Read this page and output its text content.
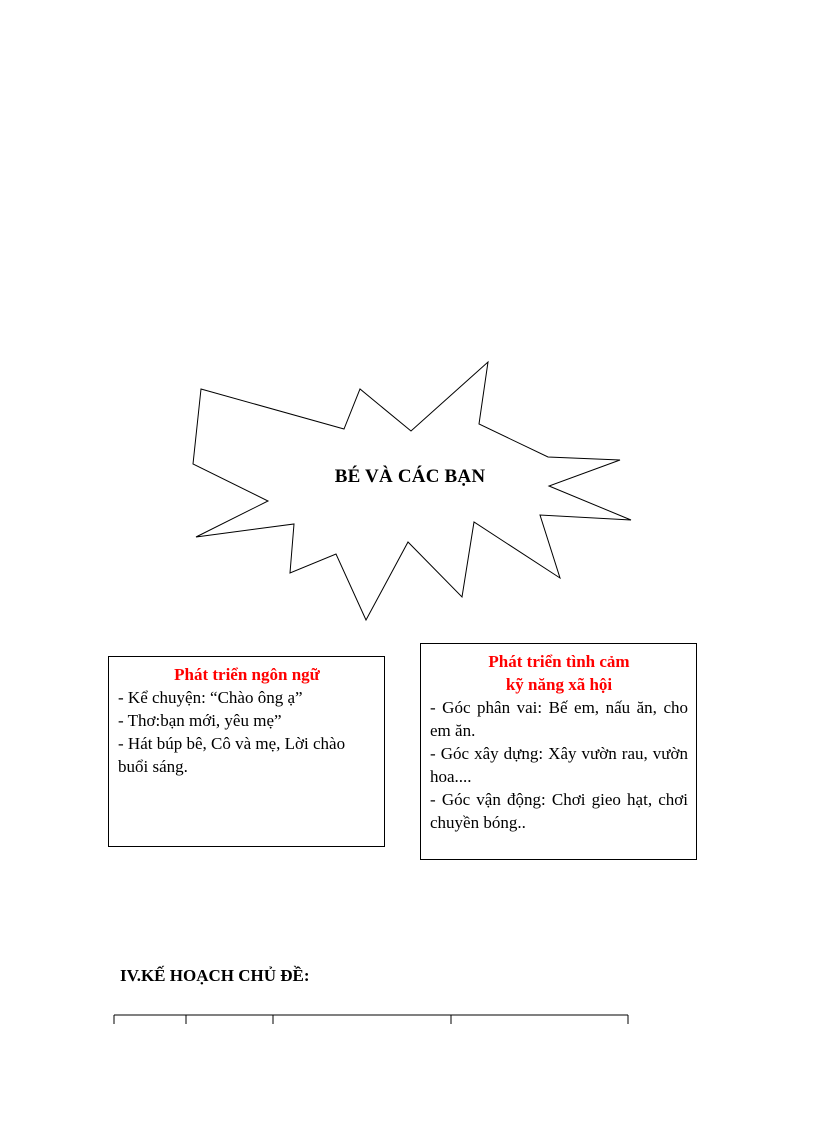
BÉ VÀ CÁC BẠN
Phát triển ngôn ngữ

- Kể chuyện: “Chào ông ạ”

- Thơ:bạn mới, yêu mẹ”

- Hát búp bê, Cô và mẹ, Lời chào buổi sáng.

Phát triển tình cảm
kỹ năng xã hội

- Góc phân vai: Bế em, nấu ăn, cho em ăn.

- Góc xây dựng: Xây vườn rau, vườn hoa....

- Góc vận động: Chơi gieo hạt, chơi chuyền bóng..

IV.KẾ HOẠCH CHỦ ĐỀ:
